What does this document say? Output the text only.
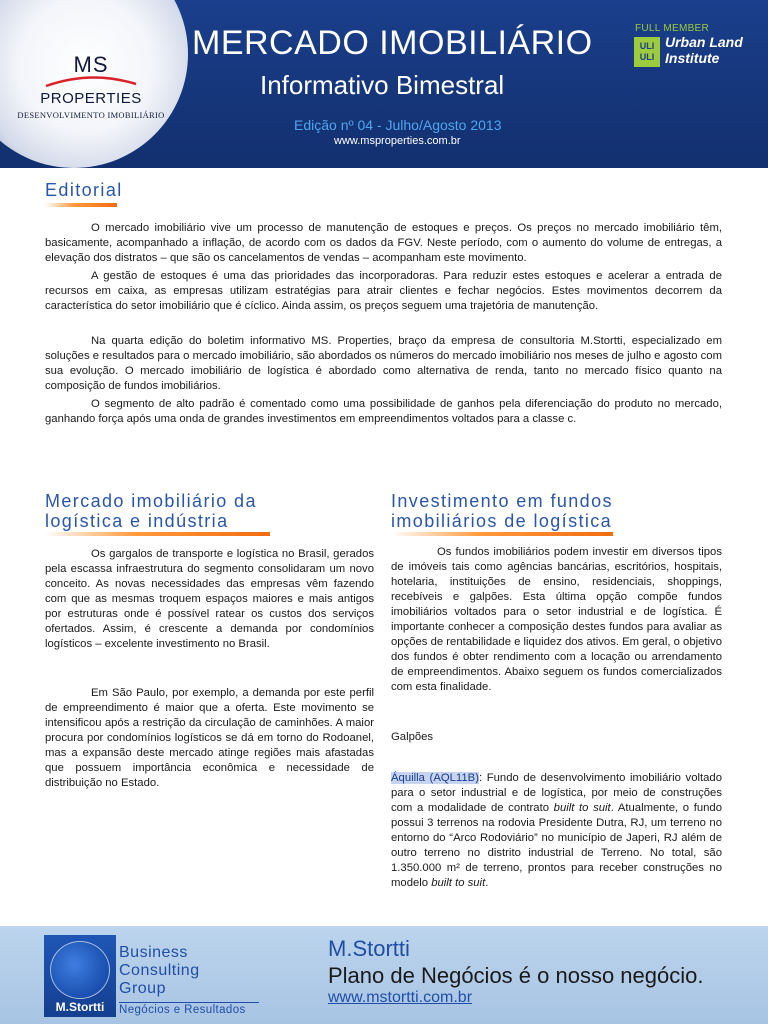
MS
PROPERTIES
DESENVOLVIMENTO IMOBILIÁRIO
MERCADO IMOBILIÁRIO
Informativo Bimestral
Edição nº 04 - Julho/Agosto 2013
www.msproperties.com.br
FULL MEMBER
ULI
ULI
Urban Land
Institute
Editorial
O mercado imobiliário vive um processo de manutenção de estoques e preços. Os preços no mercado imobiliário têm, basicamente, acompanhado a inflação, de acordo com os dados da FGV. Neste período, com o aumento do volume de entregas, a elevação dos distratos – que são os cancelamentos de vendas – acompanham este movimento.
A gestão de estoques é uma das prioridades das incorporadoras. Para reduzir estes estoques e acelerar a entrada de recursos em caixa, as empresas utilizam estratégias para atrair clientes e fechar negócios. Estes movimentos decorrem da característica do setor imobiliário que é cíclico. Ainda assim, os preços seguem uma trajetória de manutenção.
Na quarta edição do boletim informativo MS. Properties, braço da empresa de consultoria M.Stortti, especializado em soluções e resultados para o mercado imobiliário, são abordados os números do mercado imobiliário nos meses de julho e agosto com sua evolução. O mercado imobiliário de logística é abordado como alternativa de renda, tanto no mercado físico quanto na composição de fundos imobiliários.
O segmento de alto padrão é comentado como uma possibilidade de ganhos pela diferenciação do produto no mercado, ganhando força após uma onda de grandes investimentos em empreendimentos voltados para a classe c.
Mercado imobiliário da
logística e indústria
Os gargalos de transporte e logística no Brasil, gerados pela escassa infraestrutura do segmento consolidaram um novo conceito. As novas necessidades das empresas vêm fazendo com que as mesmas troquem espaços maiores e mais antigos por estruturas onde é possível ratear os custos dos serviços ofertados. Assim, é crescente a demanda por condomínios logísticos – excelente investimento no Brasil.
Em São Paulo, por exemplo, a demanda por este perfil de empreendimento é maior que a oferta. Este movimento se intensificou após a restrição da circulação de caminhões. A maior procura por condomínios logísticos se dá em torno do Rodoanel, mas a expansão deste mercado atinge regiões mais afastadas que possuem importância econômica e necessidade de distribuição no Estado.
Investimento em fundos
imobiliários de logística
Os fundos imobiliários podem investir em diversos tipos de imóveis tais como agências bancárias, escritórios, hospitais, hotelaria, instituições de ensino, residenciais, shoppings, recebíveis e galpões. Esta última opção compõe fundos imobiliários voltados para o setor industrial e de logística. É importante conhecer a composição destes fundos para avaliar as opções de rentabilidade e liquidez dos ativos. Em geral, o objetivo dos fundos é obter rendimento com a locação ou arrendamento de empreendimentos. Abaixo seguem os fundos comercializados com esta finalidade.
Galpões
Áquilla (AQL11B): Fundo de desenvolvimento imobiliário voltado para o setor industrial e de logística, por meio de construções com a modalidade de contrato built to suit. Atualmente, o fundo possui 3 terrenos na rodovia Presidente Dutra, RJ, um terreno no entorno do “Arco Rodoviário” no município de Japeri, RJ além de outro terreno no distrito industrial de Terreno. No total, são 1.350.000 m² de terreno, prontos para receber construções no modelo built to suit.
M.Stortti
Business
Consulting
Group
Negócios e Resultados
M.Stortti
Plano de Negócios é o nosso negócio.
www.mstortti.com.br
